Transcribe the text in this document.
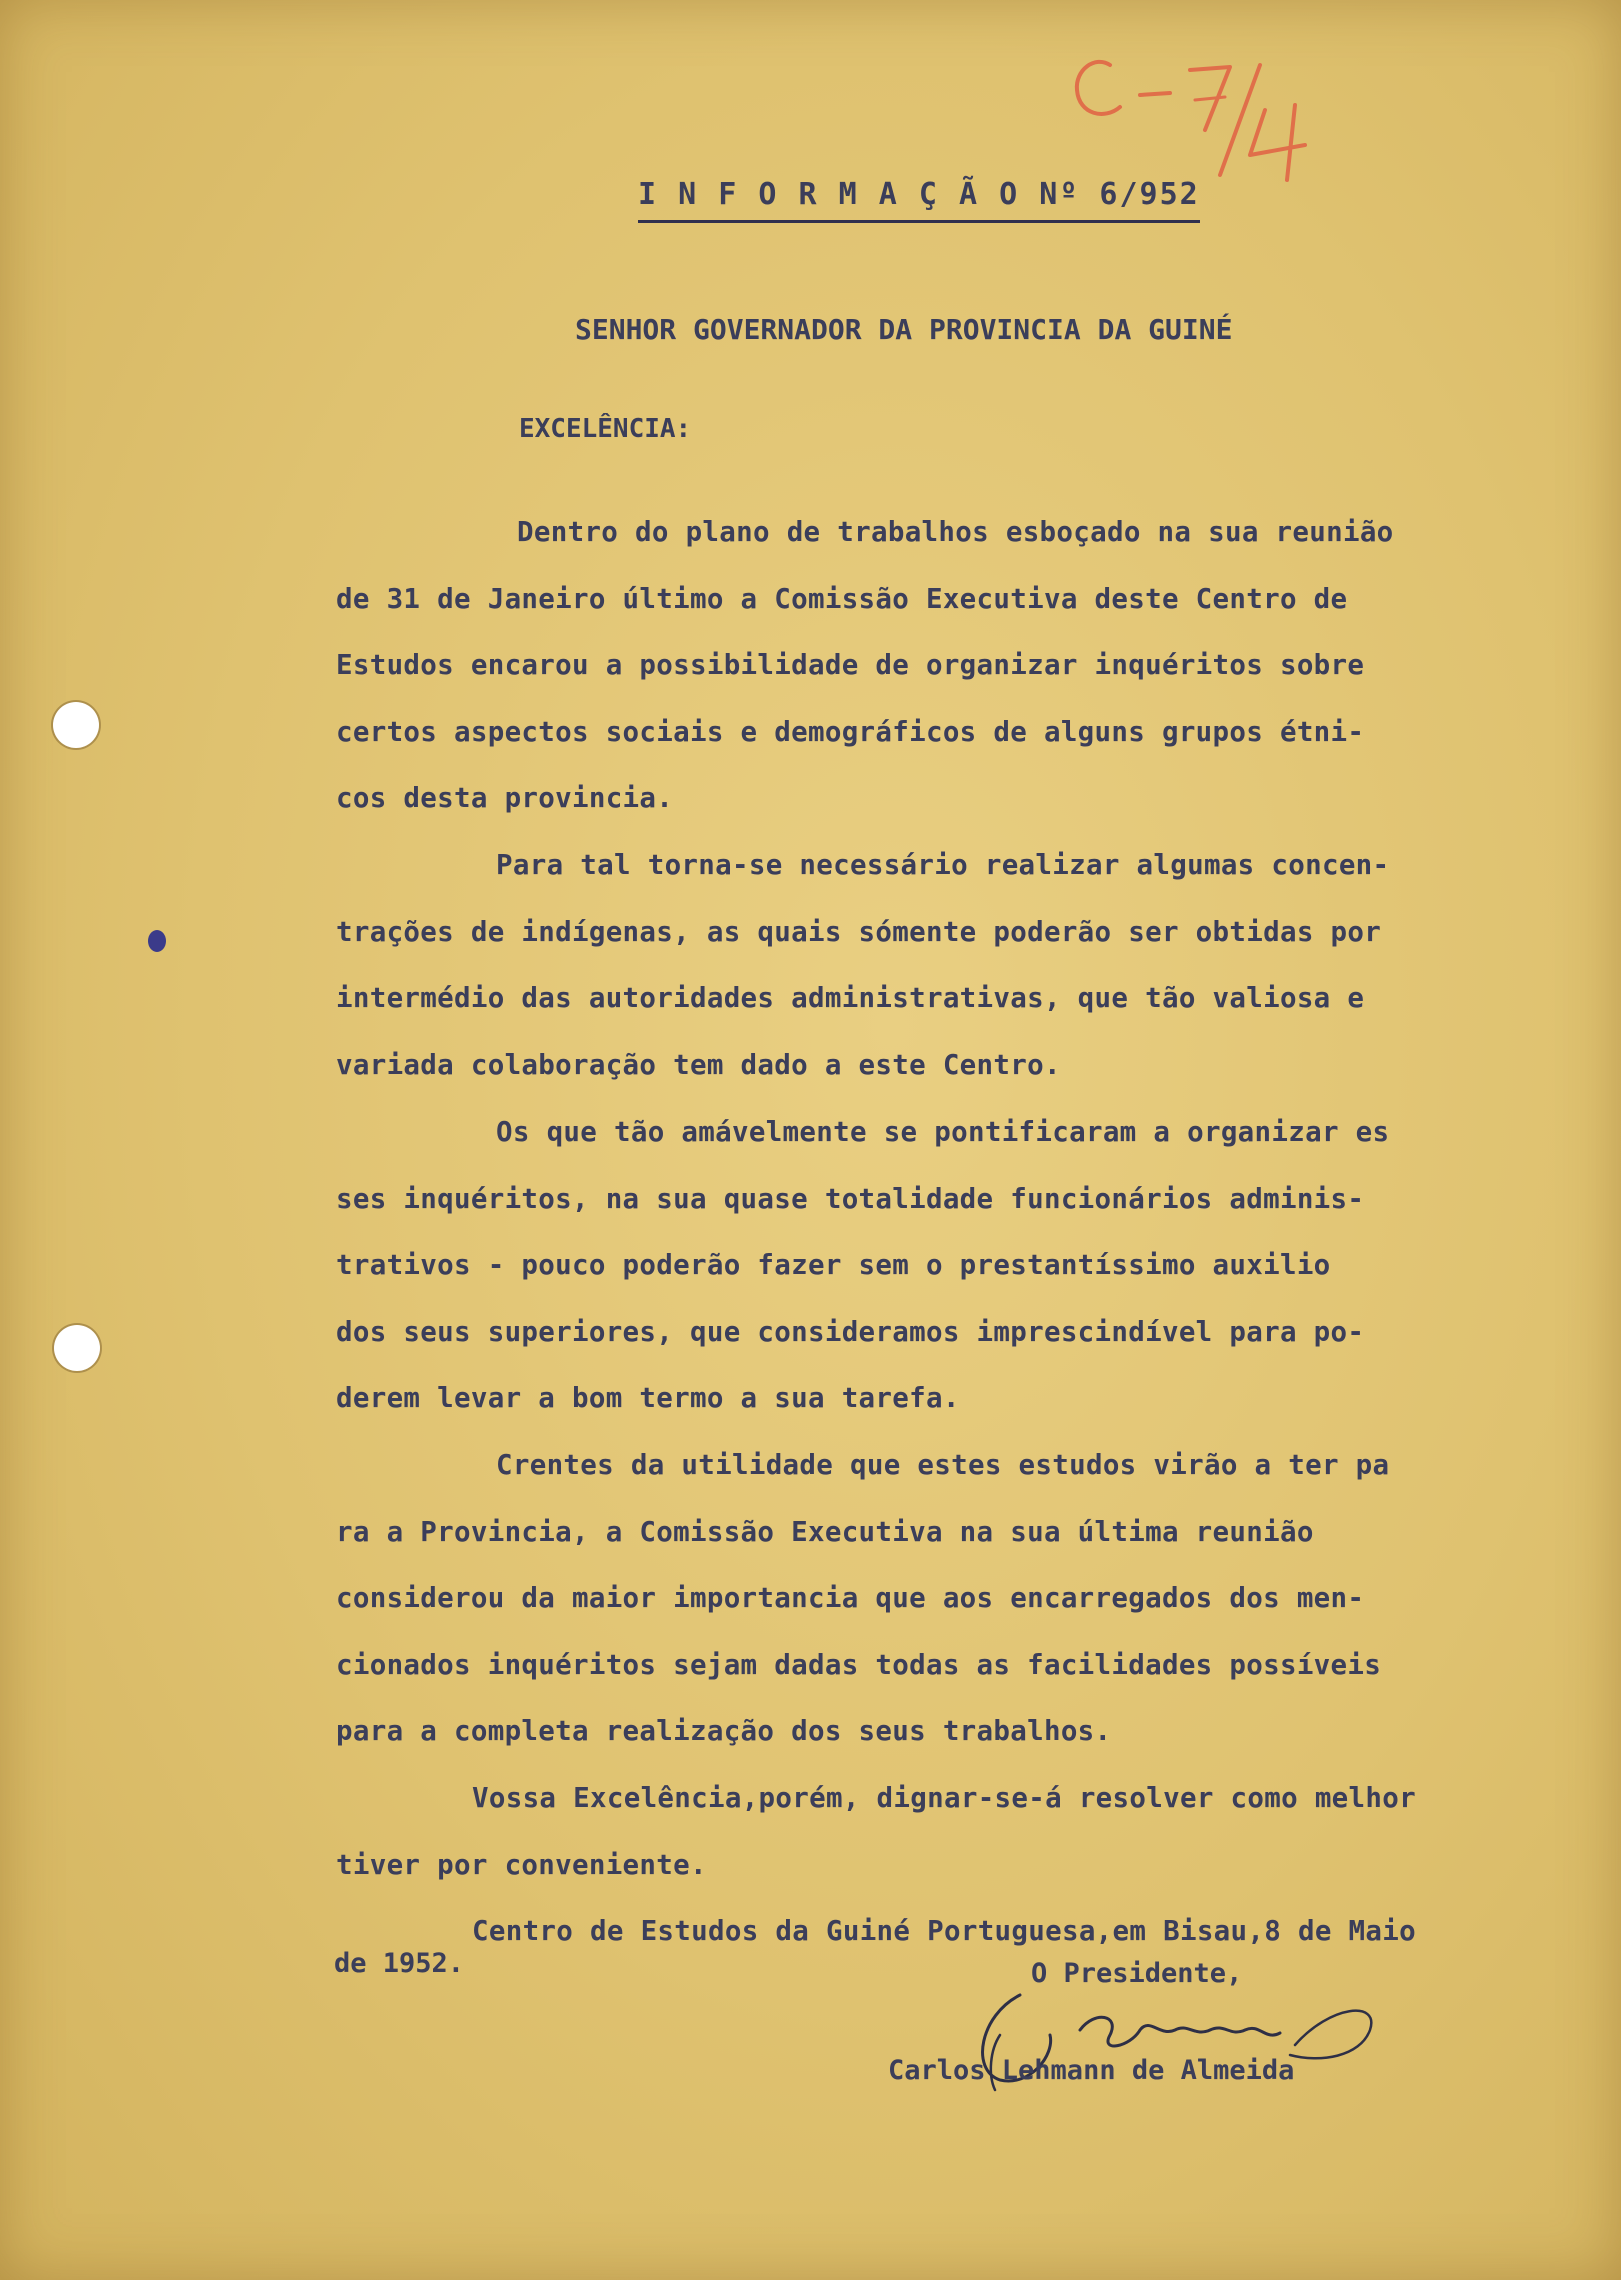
I N F O R M A Ç Ã O Nº 6/952
SENHOR GOVERNADOR DA PROVINCIA DA GUINÉ
EXCELÊNCIA:

Dentro do plano de trabalhos esboçado na sua reunião
de 31 de Janeiro último a Comissão Executiva deste Centro de
Estudos encarou a possibilidade de organizar inquéritos sobre
certos aspectos sociais e demográficos de alguns grupos étni-
cos desta provincia.

Para tal torna-se necessário realizar algumas concen-
trações de indígenas, as quais sómente poderão ser obtidas por
intermédio das autoridades administrativas, que tão valiosa e
variada colaboração tem dado a este Centro.

Os que tão amávelmente se pontificaram a organizar es
ses inquéritos, na sua quase totalidade funcionários adminis-
trativos - pouco poderão fazer sem o prestantíssimo auxilio
dos seus superiores, que consideramos imprescindível para po-
derem levar a bom termo a sua tarefa.

Crentes da utilidade que estes estudos virão a ter pa
ra a Provincia, a Comissão Executiva na sua última reunião
considerou da maior importancia que aos encarregados dos men-
cionados inquéritos sejam dadas todas as facilidades possíveis
para a completa realização dos seus trabalhos.

Vossa Excelência,porém, dignar-se-á resolver como melhor
tiver por conveniente.

Centro de Estudos da Guiné Portuguesa,em Bisau,8 de Maio

de 1952.	O Presidente,
Carlos Lehmann de Almeida
